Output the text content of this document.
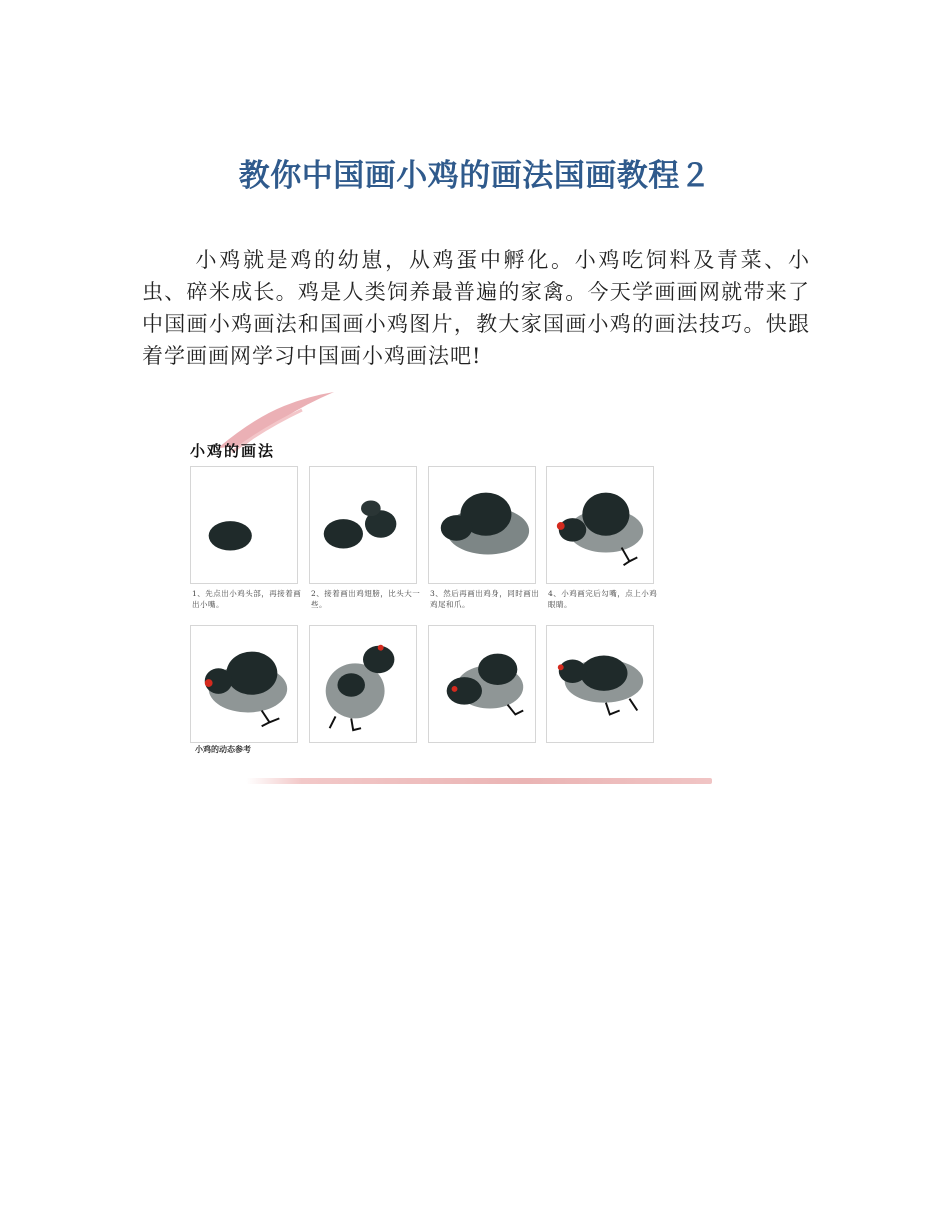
教你中国画小鸡的画法国画教程２

小鸡就是鸡的幼崽，从鸡蛋中孵化。小鸡吃饲料及青菜、小虫、碎米成长。鸡是人类饲养最普遍的家禽。今天学画画网就带来了中国画小鸡画法和国画小鸡图片，教大家国画小鸡的画法技巧。快跟着学画画网学习中国画小鸡画法吧!

小鸡的画法
1、先点出小鸡头部，再接着画出小嘴。
2、接着画出鸡翅膀，比头大一些。
3、然后再画出鸡身，同时画出鸡尾和爪。
4、小鸡画完后勾嘴，点上小鸡眼睛。
小鸡的动态参考
